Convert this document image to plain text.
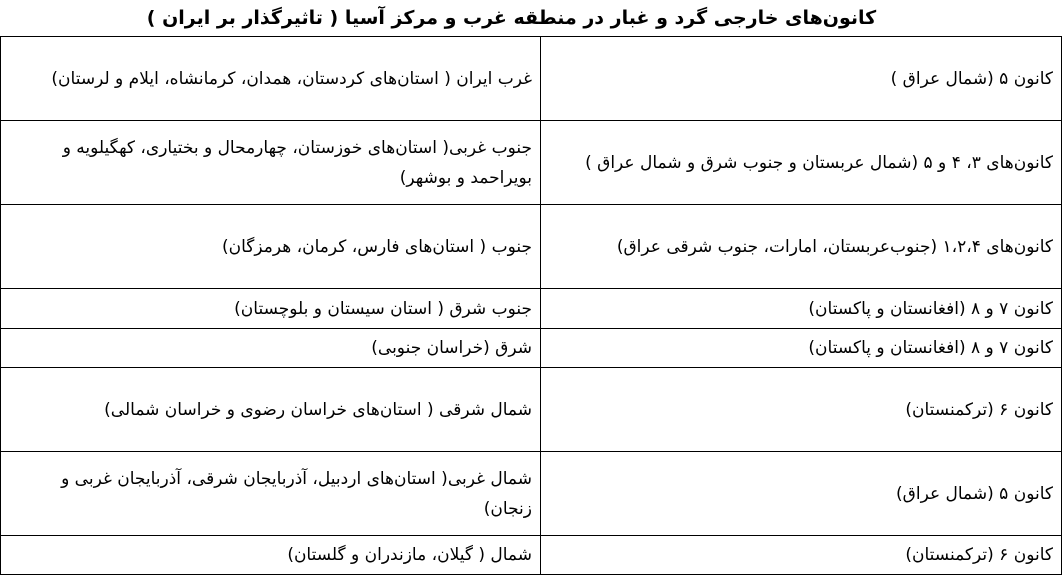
کانون‌های خارجی گرد و غبار در منطقه غرب و مرکز آسیا ( تاثیرگذار بر ایران )
کانون ۵ (شمال عراق )	غرب ایران ( استان‌های کردستان، همدان، کرمانشاه، ایلام و لرستان)
کانون‌های ۳، ۴ و ۵ (شمال عربستان و جنوب شرق و شمال عراق )	جنوب غربی( استان‌های خوزستان، چهارمحال و بختیاری، کهگیلویه و بویراحمد و بوشهر)
کانون‌های ۱،۲،۴ (جنوب‌عربستان، امارات، جنوب شرقی عراق)	جنوب ( استان‌های فارس، کرمان، هرمزگان)
کانون ۷ و ۸ (افغانستان و پاکستان)	جنوب شرق ( استان سیستان و بلوچستان)
کانون ۷ و ۸ (افغانستان و پاکستان)	شرق (خراسان جنوبی)
کانون ۶ (ترکمنستان)	شمال شرقی ( استان‌های خراسان رضوی و خراسان شمالی)
کانون ۵ (شمال عراق)	شمال غربی( استان‌های اردبیل، آذربایجان شرقی، آذربایجان غربی و زنجان)
کانون ۶ (ترکمنستان)	شمال ( گیلان، مازندران و گلستان)
